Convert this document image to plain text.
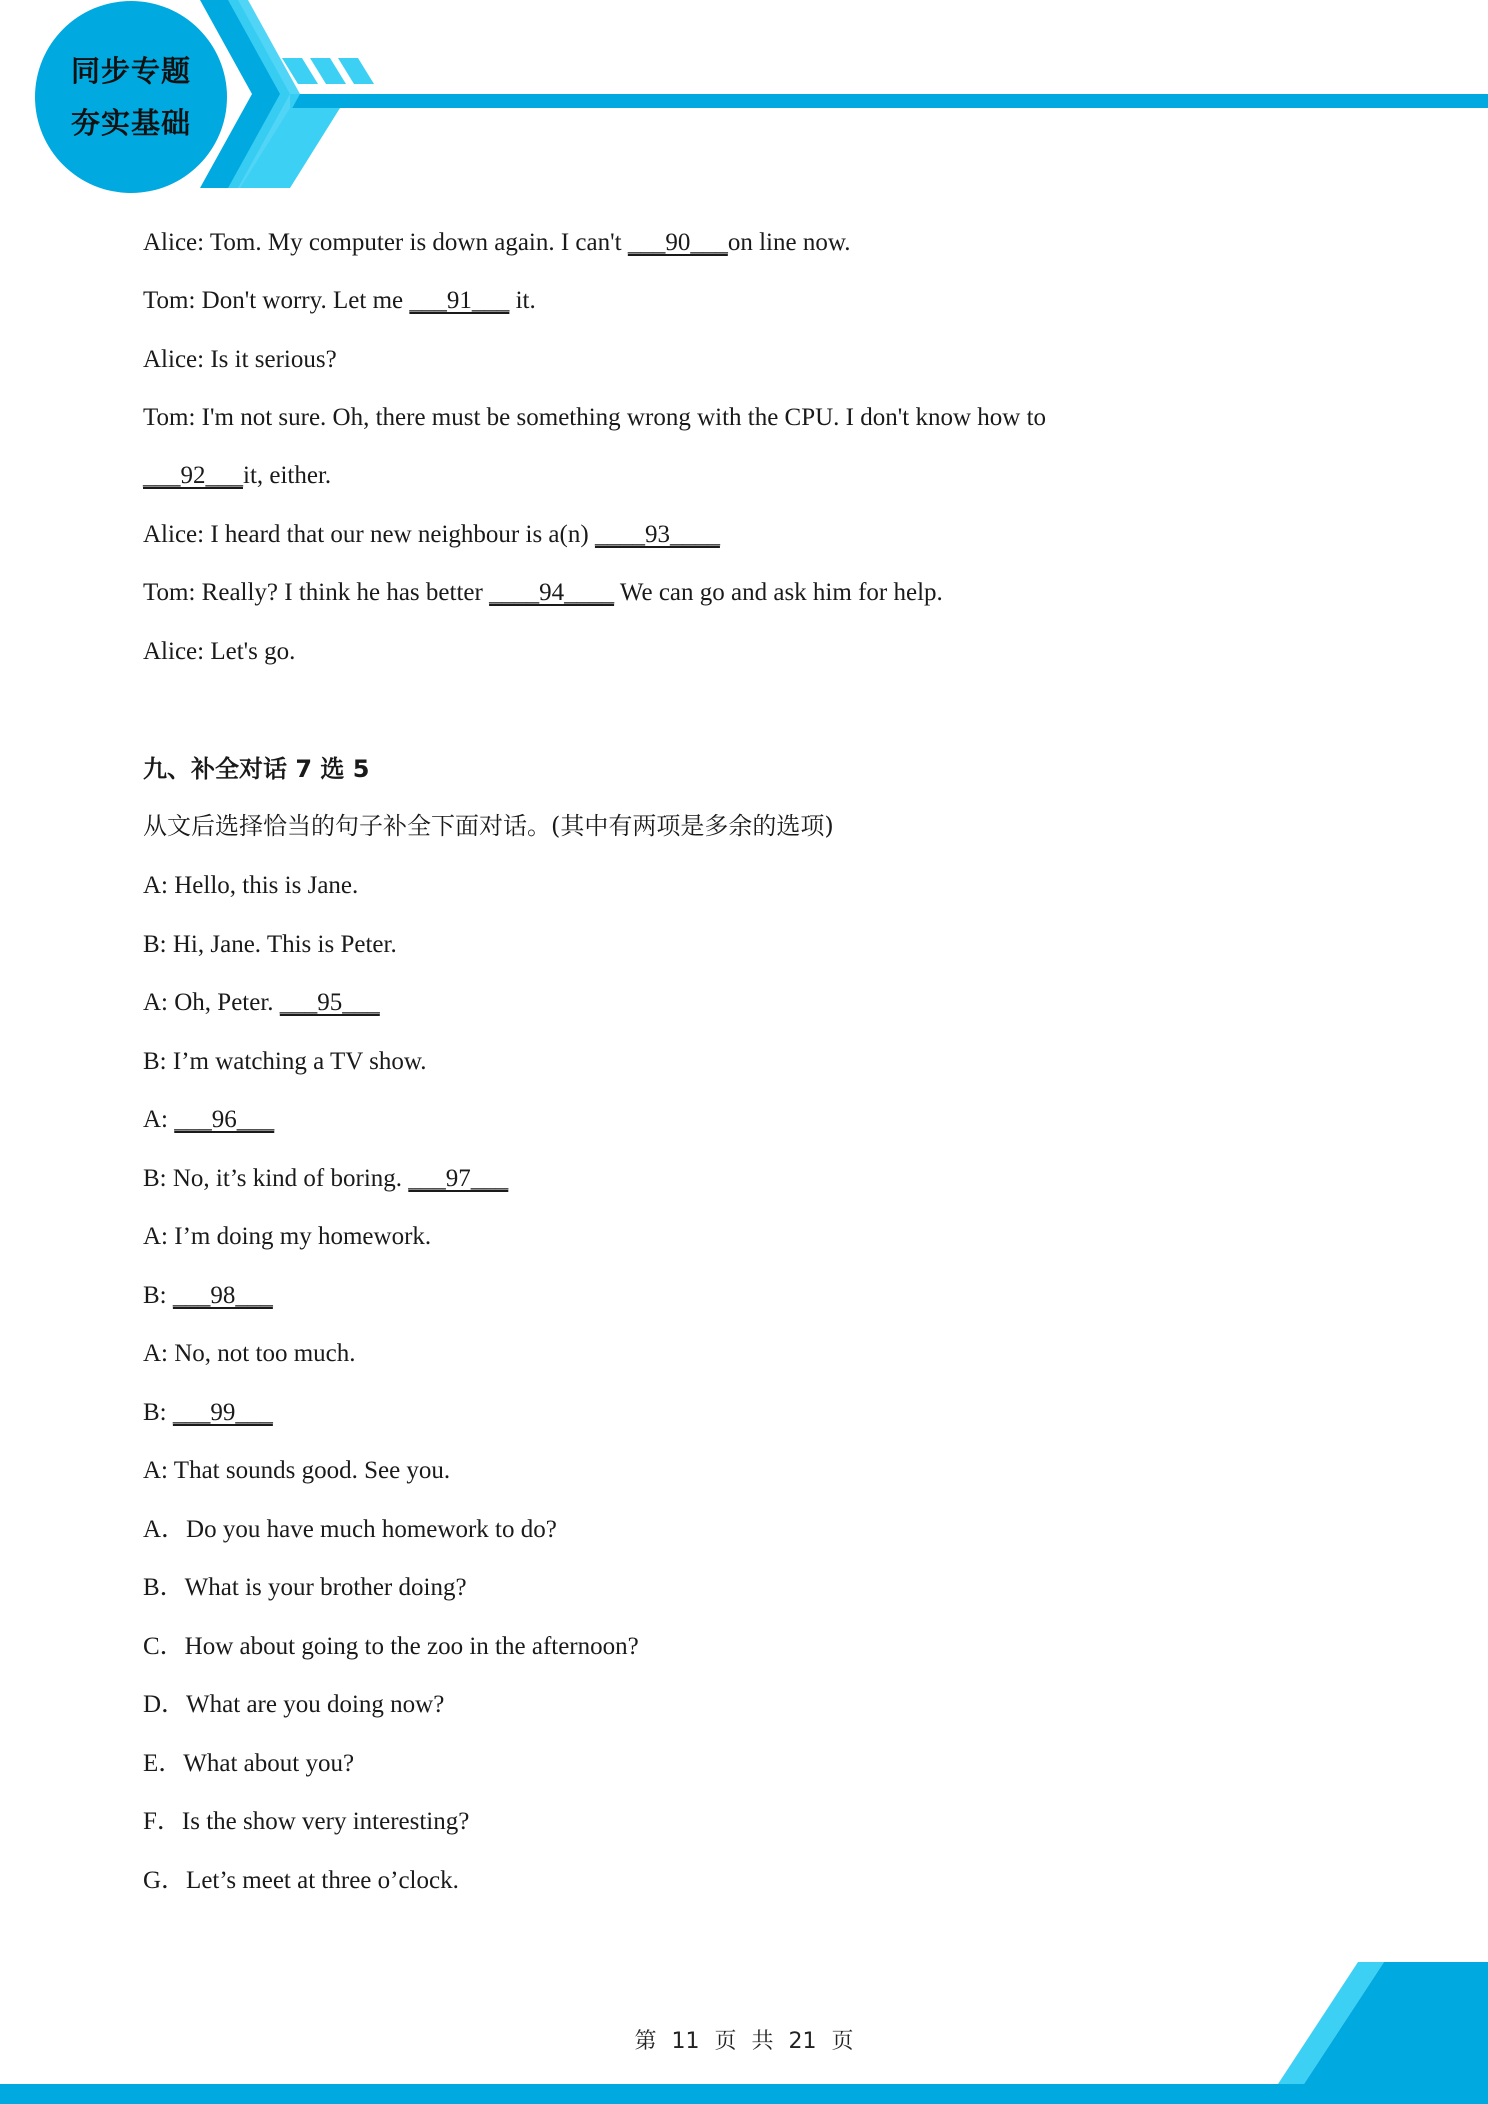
同步专题
夯实基础
Alice: Tom. My computer is down again. I can't ___90___on line now.
Tom: Don't worry. Let me ___91___ it.
Alice: Is it serious?
Tom: I'm not sure. Oh, there must be something wrong with the CPU. I don't know how to
___92___it, either.
Alice: I heard that our new neighbour is a(n) ____93____
Tom: Really? I think he has better ____94____ We can go and ask him for help.
Alice: Let's go.
九、补全对话 7 选 5
从文后选择恰当的句子补全下面对话。(其中有两项是多余的选项)
A: Hello, this is Jane.
B: Hi, Jane. This is Peter.
A: Oh, Peter. ___95___
B: I’m watching a TV show.
A: ___96___
B: No, it’s kind of boring. ___97___
A: I’m doing my homework.
B: ___98___
A: No, not too much.
B: ___99___
A: That sounds good. See you.
A．Do you have much homework to do?
B．What is your brother doing?
C．How about going to the zoo in the afternoon?
D．What are you doing now?
E．What about you?
F．Is the show very interesting?
G．Let’s meet at three o’clock.
第 11 页 共 21 页
